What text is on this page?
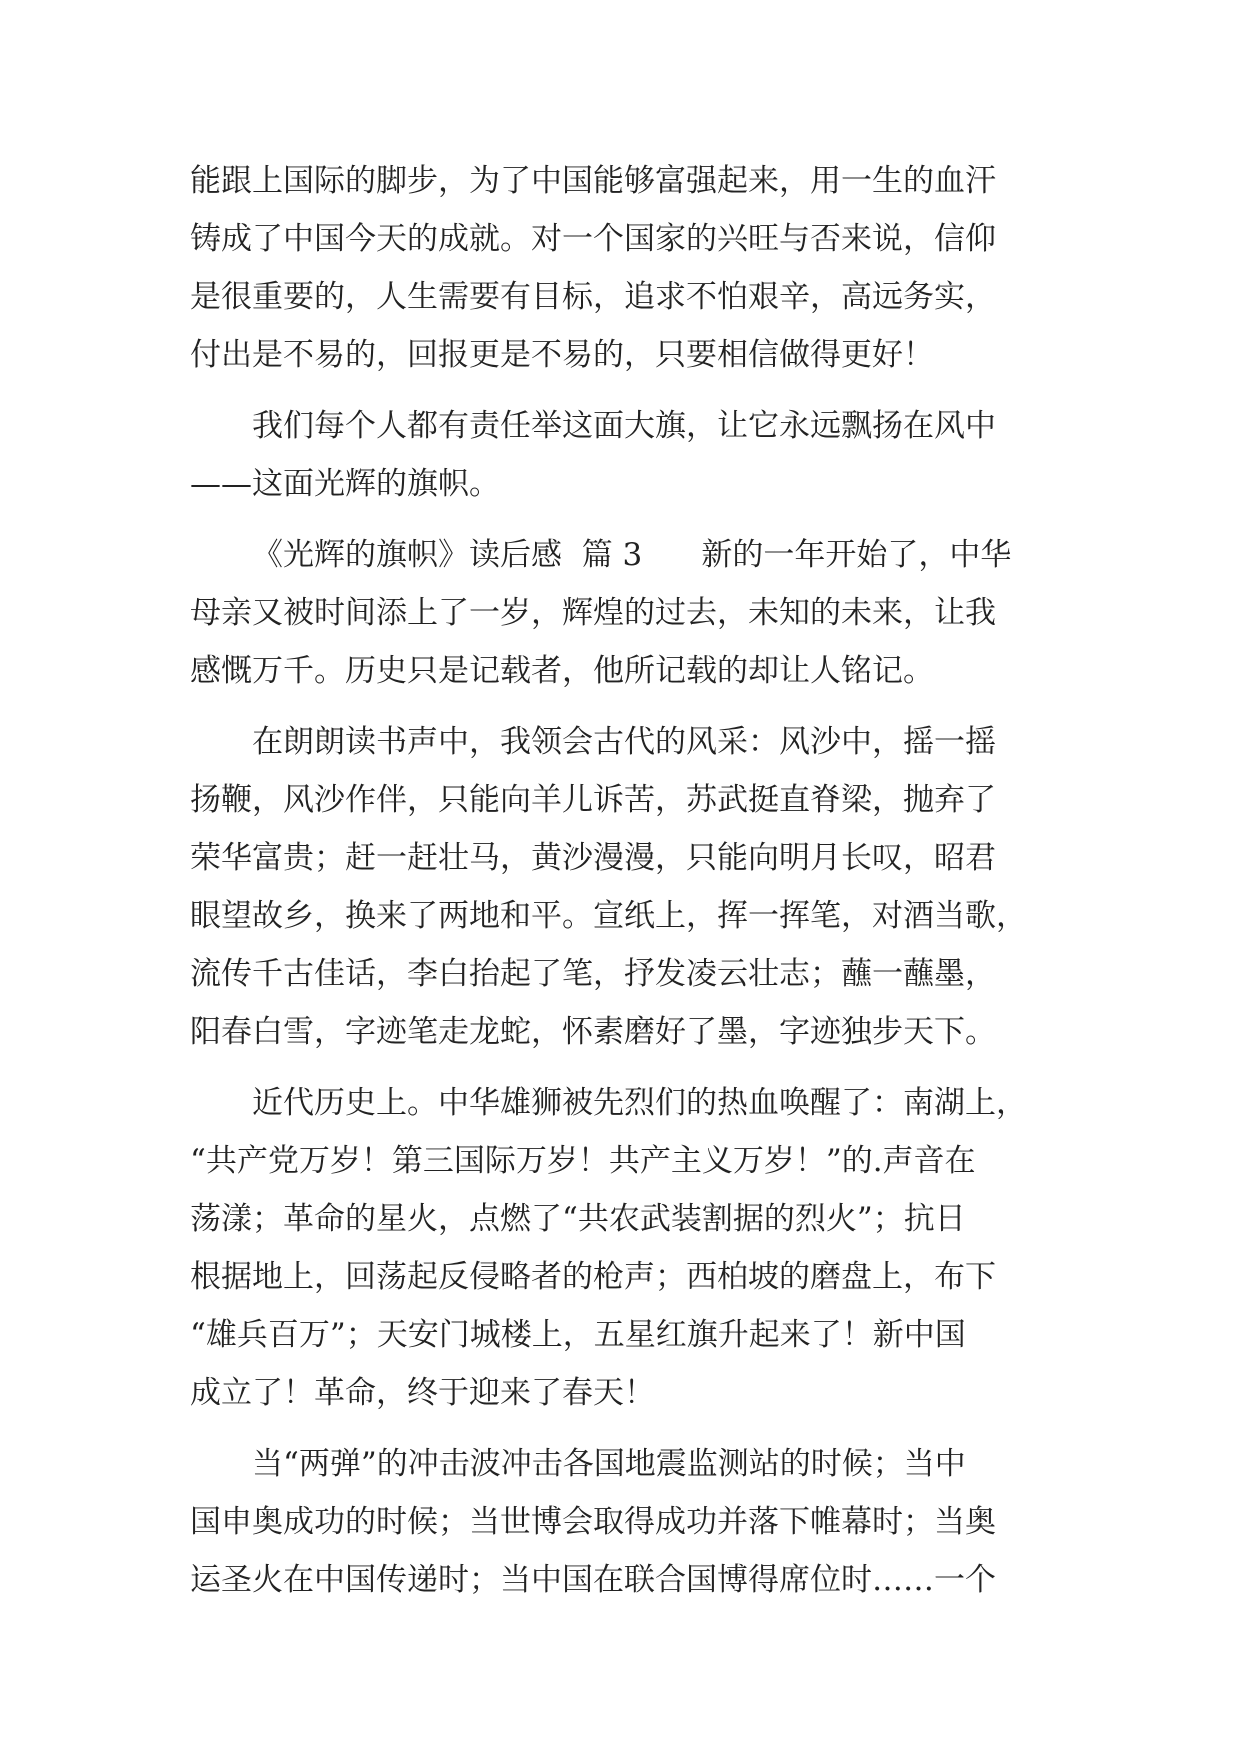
能跟上国际的脚步，为了中国能够富强起来，用一生的血汗
铸成了中国今天的成就。对一个国家的兴旺与否来说，信仰
是很重要的，人生需要有目标，追求不怕艰辛，高远务实，
付出是不易的，回报更是不易的，只要相信做得更好！
我们每个人都有责任举这面大旗，让它永远飘扬在风中
——这面光辉的旗帜。
《光辉的旗帜》读后感  篇 3      新的一年开始了，中华
母亲又被时间添上了一岁，辉煌的过去，未知的未来，让我
感慨万千。历史只是记载者，他所记载的却让人铭记。
在朗朗读书声中，我领会古代的风采：风沙中，摇一摇
扬鞭，风沙作伴，只能向羊儿诉苦，苏武挺直脊梁，抛弃了
荣华富贵；赶一赶壮马，黄沙漫漫，只能向明月长叹，昭君
眼望故乡，换来了两地和平。宣纸上，挥一挥笔，对酒当歌，
流传千古佳话，李白抬起了笔，抒发凌云壮志；蘸一蘸墨，
阳春白雪，字迹笔走龙蛇，怀素磨好了墨，字迹独步天下。
近代历史上。中华雄狮被先烈们的热血唤醒了：南湖上，
“共产党万岁！第三国际万岁！共产主义万岁！”的.声音在
荡漾；革命的星火，点燃了“共农武装割据的烈火”；抗日
根据地上，回荡起反侵略者的枪声；西柏坡的磨盘上，布下
“雄兵百万”；天安门城楼上，五星红旗升起来了！新中国
成立了！革命，终于迎来了春天！
当“两弹”的冲击波冲击各国地震监测站的时候；当中
国申奥成功的时候；当世博会取得成功并落下帷幕时；当奥
运圣火在中国传递时；当中国在联合国博得席位时……一个
